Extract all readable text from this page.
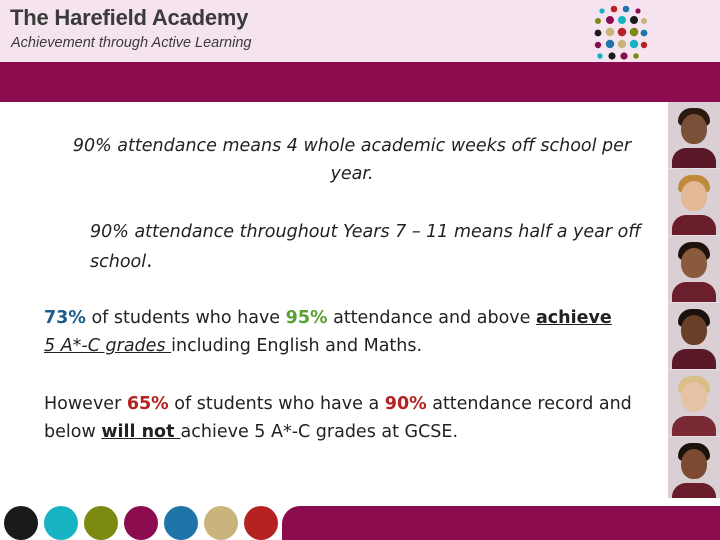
The Harefield Academy
Achievement through Active Learning
90% attendance means 4 whole academic weeks off school per year.
90% attendance throughout Years 7 – 11 means half a year off school.
73% of students who have 95% attendance and above achieve
5 A*-C grades including English and Maths.
However 65% of students who have a 90% attendance record and below will not achieve 5 A*-C grades at GCSE.
